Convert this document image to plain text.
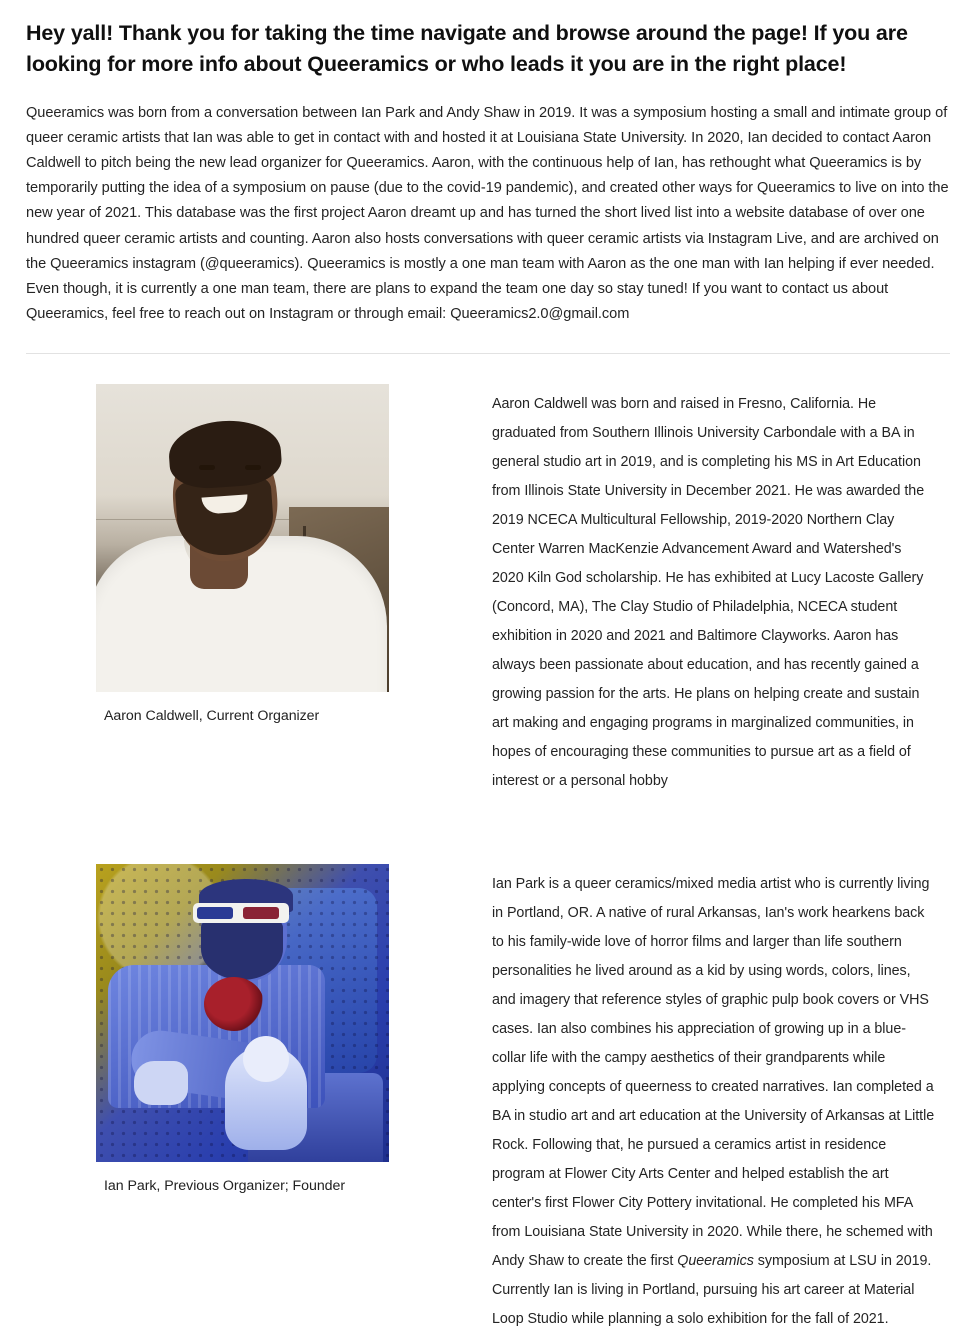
Hey yall! Thank you for taking the time navigate and browse around the page! If you are looking for more info about Queeramics or who leads it you are in the right place!

Queeramics was born from a conversation between Ian Park and Andy Shaw in 2019. It was a symposium hosting a small and intimate group of queer ceramic artists that Ian was able to get in contact with and hosted it at Louisiana State University. In 2020, Ian decided to contact Aaron Caldwell to pitch being the new lead organizer for Queeramics. Aaron, with the continuous help of Ian, has rethought what Queeramics is by temporarily putting the idea of a symposium on pause (due to the covid-19 pandemic), and created other ways for Queeramics to live on into the new year of 2021. This database was the first project Aaron dreamt up and has turned the short lived list into a website database of over one hundred queer ceramic artists and counting. Aaron also hosts conversations with queer ceramic artists via Instagram Live, and are archived on the Queeramics instagram (@queeramics). Queeramics is mostly a one man team with Aaron as the one man with Ian helping if ever needed. Even though, it is currently a one man team, there are plans to expand the team one day so stay tuned! If you want to contact us about Queeramics, feel free to reach out on Instagram or through email: Queeramics2.0@gmail.com

Aaron Caldwell, Current Organizer

Aaron Caldwell was born and raised in Fresno, California. He graduated from Southern Illinois University Carbondale with a BA in general studio art in 2019, and is completing his MS in Art Education from Illinois State University in December 2021. He was awarded the 2019 NCECA Multicultural Fellowship, 2019-2020 Northern Clay Center Warren MacKenzie Advancement Award and Watershed's 2020 Kiln God scholarship. He has exhibited at Lucy Lacoste Gallery (Concord, MA), The Clay Studio of Philadelphia, NCECA student exhibition in 2020 and 2021 and Baltimore Clayworks. Aaron has always been passionate about education, and has recently gained a growing passion for the arts. He plans on helping create and sustain art making and engaging programs in marginalized communities, in hopes of encouraging these communities to pursue art as a field of interest or a personal hobby

Ian Park, Previous Organizer; Founder

Ian Park is a queer ceramics/mixed media artist who is currently living in Portland, OR. A native of rural Arkansas, Ian's work hearkens back to his family-wide love of horror films and larger than life southern personalities he lived around as a kid by using words, colors, lines, and imagery that reference styles of graphic pulp book covers or VHS cases. Ian also combines his appreciation of growing up in a blue-collar life with the campy aesthetics of their grandparents while applying concepts of queerness to created narratives. Ian completed a BA in studio art and art education at the University of Arkansas at Little Rock. Following that, he pursued a ceramics artist in residence program at Flower City Arts Center and helped establish the art center's first Flower City Pottery invitational. He completed his MFA from Louisiana State University in 2020. While there, he schemed with Andy Shaw to create the first Queeramics symposium at LSU in 2019. Currently Ian is living in Portland, pursuing his art career at Material Loop Studio while planning a solo exhibition for the fall of 2021.
